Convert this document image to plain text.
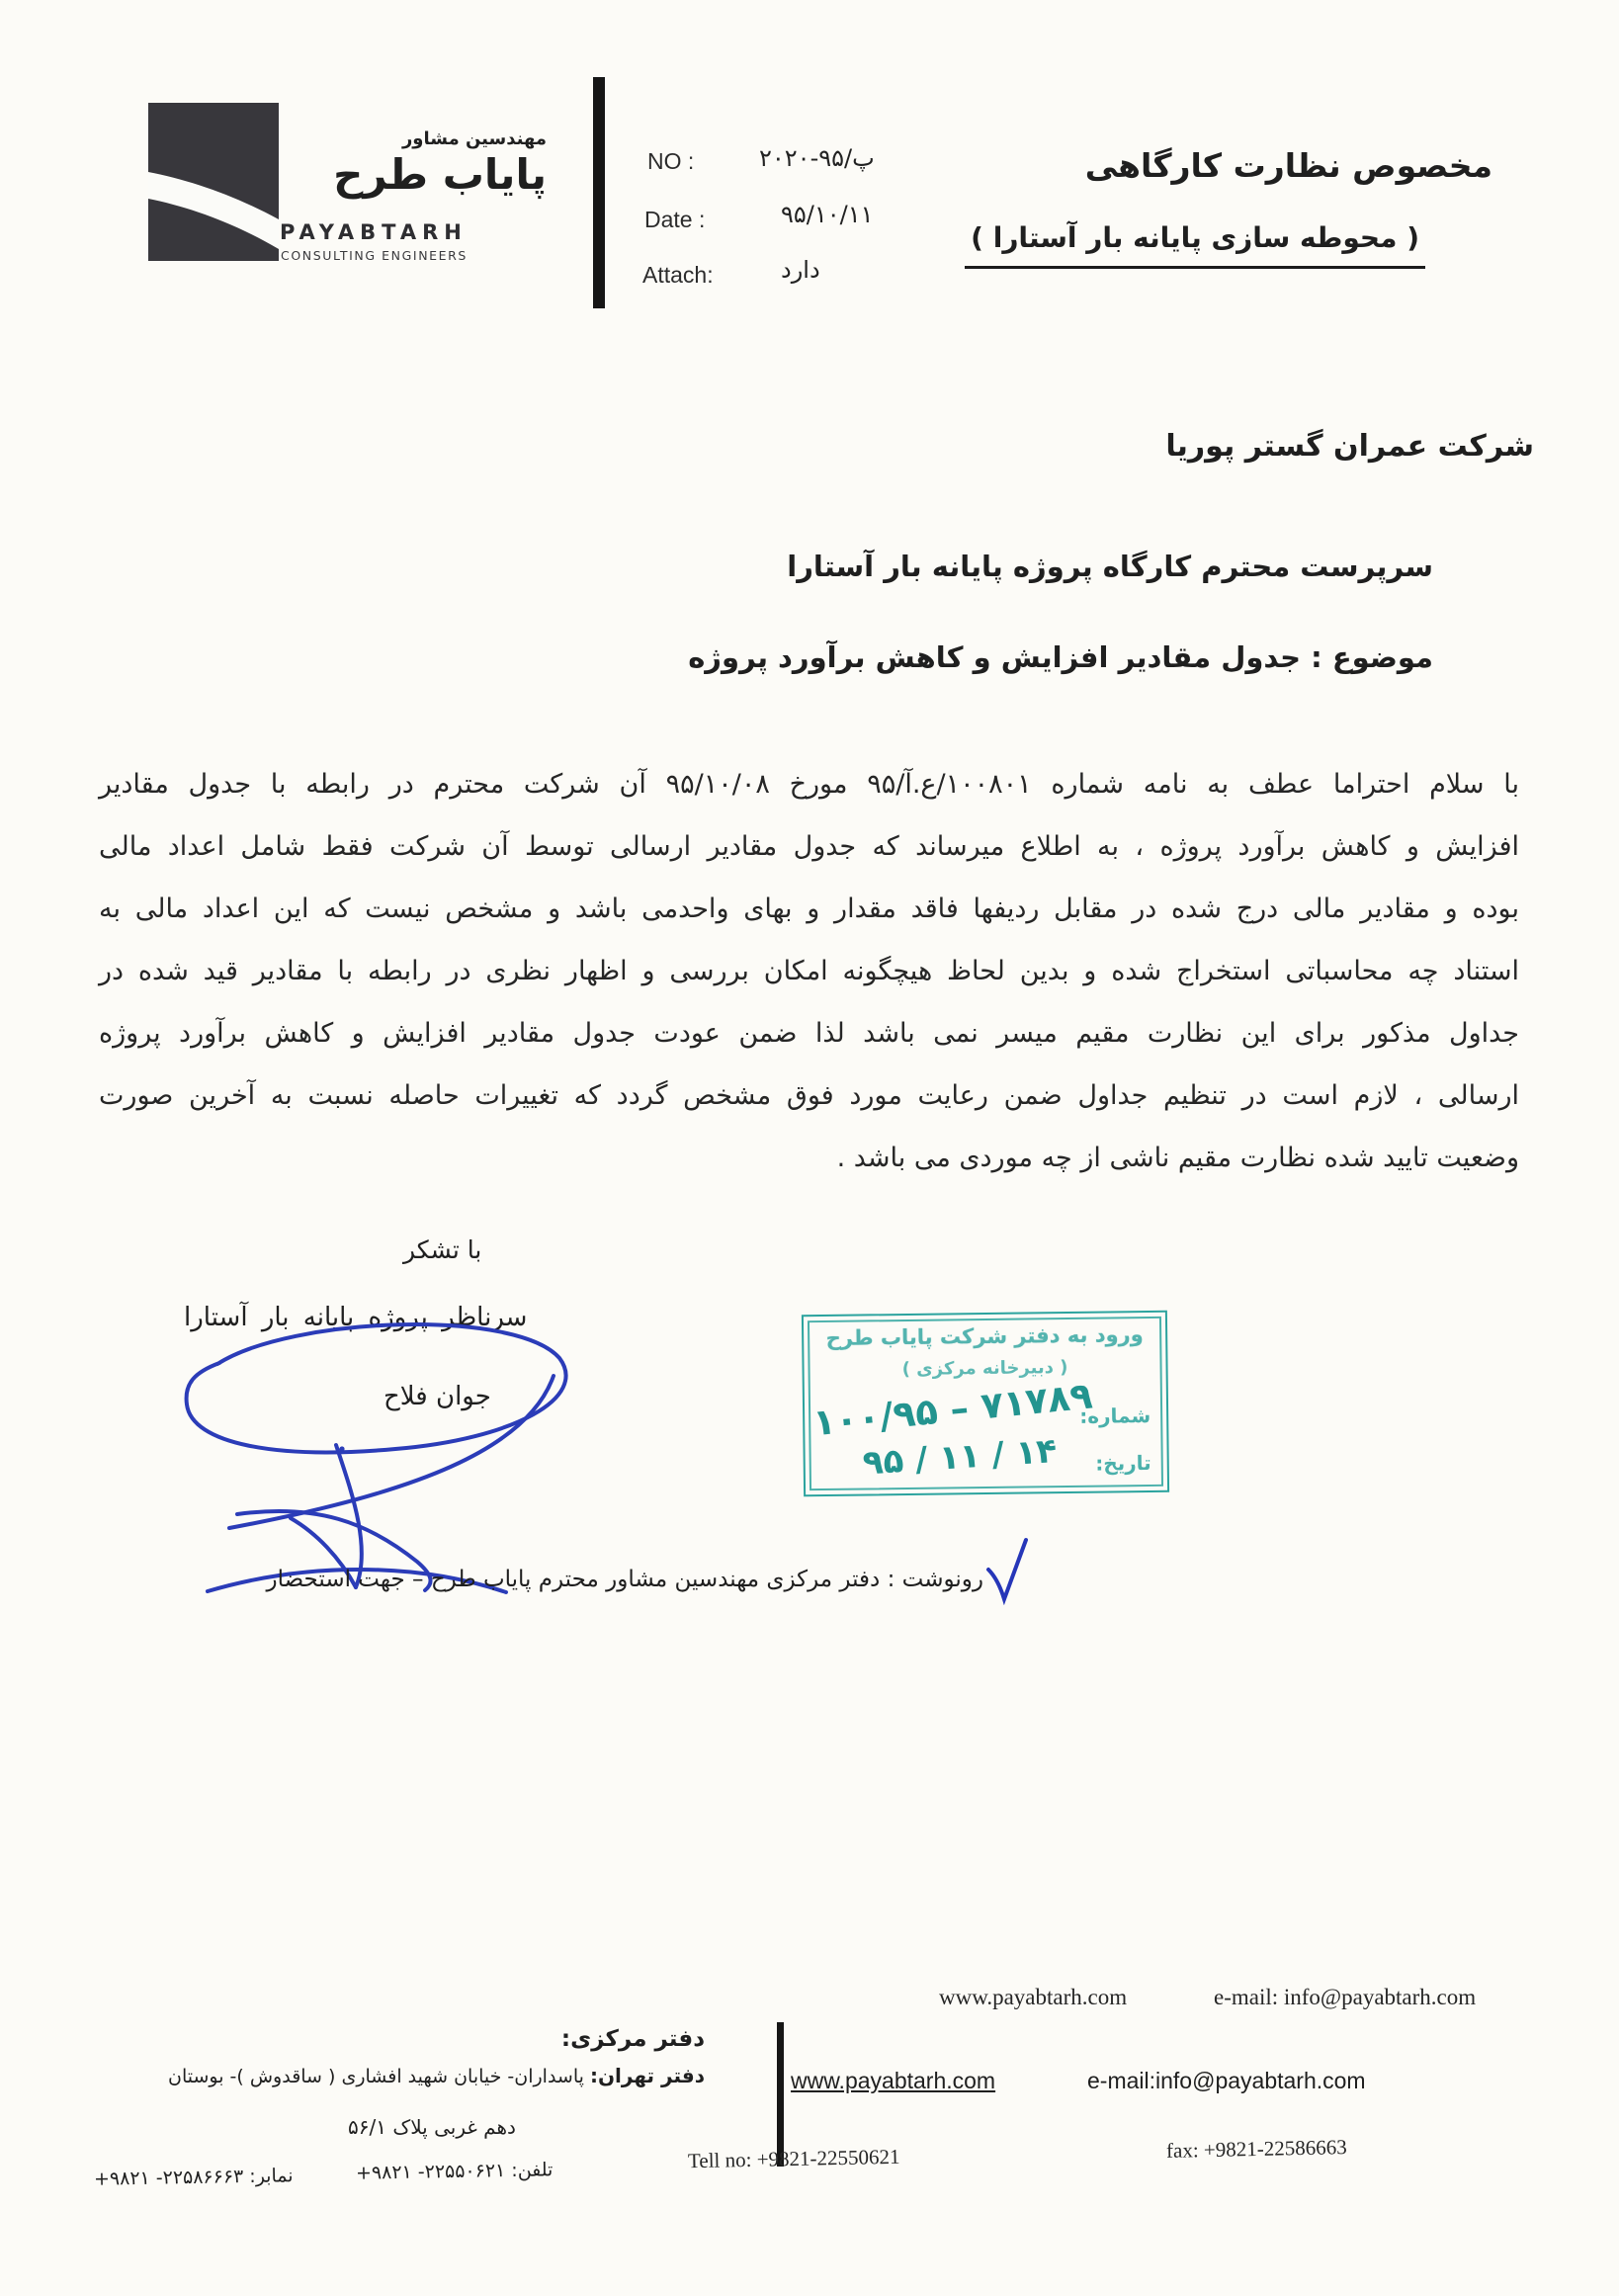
مهندسین مشاور
پایاب طرح
PAYABTARH
CONSULTING ENGINEERS
NO :	پ/۹۵-۲۰۲۰
Date :	۹۵/۱۰/۱۱
Attach:	دارد
مخصوص نظارت کارگاهی
( محوطه سازی پایانه بار آستارا )
شرکت عمران گستر پوریا
سرپرست محترم کارگاه پروژه پایانه بار آستارا
موضوع : جدول مقادیر افزایش و کاهش برآورد پروژه
با سلام احتراما عطف به نامه شماره ۱۰۰۸۰۱/ع.آ/۹۵ مورخ ۹۵/۱۰/۰۸ آن شرکت محترم در رابطه با جدول مقادیر
افزایش و کاهش برآورد پروژه ، به اطلاع میرساند که جدول مقادیر ارسالی توسط آن شرکت فقط شامل اعداد مالی
بوده و مقادیر مالی درج شده در مقابل ردیفها فاقد مقدار و بهای واحدمی باشد و مشخص نیست که این اعداد مالی به
استناد چه محاسباتی استخراج شده و بدین لحاظ هیچگونه امکان بررسی و اظهار نظری در رابطه با مقادیر قید شده در
جداول مذکور برای این نظارت مقیم میسر نمی باشد لذا ضمن عودت جدول مقادیر افزایش و کاهش برآورد پروژه
ارسالی ، لازم است در تنظیم جداول ضمن رعایت مورد فوق مشخص گردد که تغییرات حاصله نسبت به آخرین صورت
وضعیت تایید شده نظارت مقیم ناشی از چه موردی می باشد .
با تشکر
سرناظر پروژه پایانه بار آستارا
جوان فلاح
ورود به دفتر شرکت پایاب طرح
( دبیرخانه مرکزی )
شماره:
۱۰۰/۹۵ – ۷۱۷۸۹
تاریخ:
۹۵ / ۱۱ / ۱۴
رونوشت : دفتر مرکزی مهندسین مشاور محترم پایاب طرح – جهت استحضار
www.payabtarh.com	e-mail: info@payabtarh.com
دفتر مرکزی:
www.payabtarh.com	e-mail:info@payabtarh.com
دفتر تهران: پاسداران- خیابان شهید افشاری ( ساقدوش )- بوستان
دهم غربی پلاک ۵۶/۱
تلفن: +۹۸۲۱ -۲۲۵۵۰۶۲۱
نمابر: +۹۸۲۱ -۲۲۵۸۶۶۶۳
Tell no: +9821-22550621	fax: +9821-22586663
